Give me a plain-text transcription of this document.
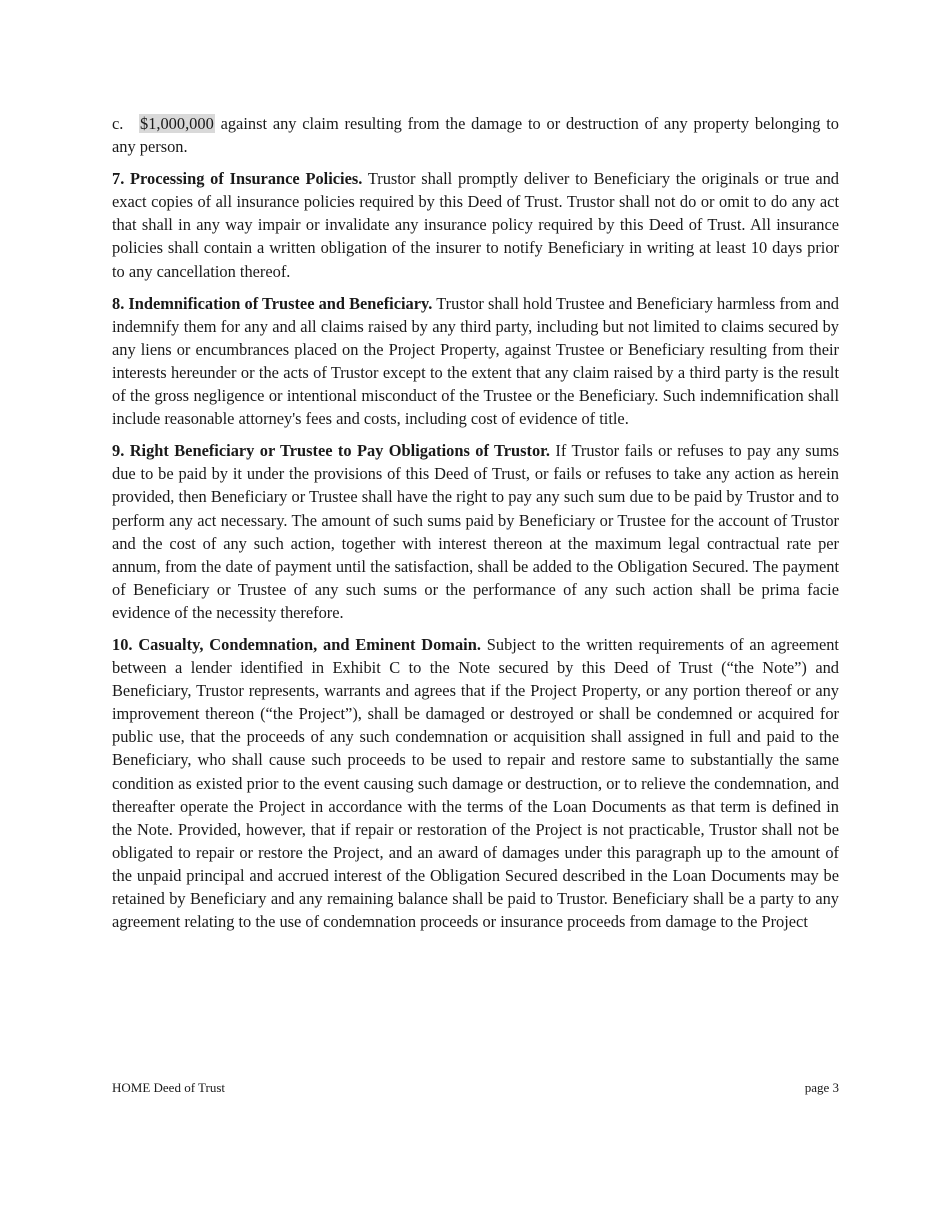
c. $1,000,000 against any claim resulting from the damage to or destruction of any property belonging to any person.

7. Processing of Insurance Policies. Trustor shall promptly deliver to Beneficiary the originals or true and exact copies of all insurance policies required by this Deed of Trust. Trustor shall not do or omit to do any act that shall in any way impair or invalidate any insurance policy required by this Deed of Trust. All insurance policies shall contain a written obligation of the insurer to notify Beneficiary in writing at least 10 days prior to any cancellation thereof.

8. Indemnification of Trustee and Beneficiary. Trustor shall hold Trustee and Beneficiary harmless from and indemnify them for any and all claims raised by any third party, including but not limited to claims secured by any liens or encumbrances placed on the Project Property, against Trustee or Beneficiary resulting from their interests hereunder or the acts of Trustor except to the extent that any claim raised by a third party is the result of the gross negligence or intentional misconduct of the Trustee or the Beneficiary. Such indemnification shall include reasonable attorney's fees and costs, including cost of evidence of title.

9. Right Beneficiary or Trustee to Pay Obligations of Trustor. If Trustor fails or refuses to pay any sums due to be paid by it under the provisions of this Deed of Trust, or fails or refuses to take any action as herein provided, then Beneficiary or Trustee shall have the right to pay any such sum due to be paid by Trustor and to perform any act necessary. The amount of such sums paid by Beneficiary or Trustee for the account of Trustor and the cost of any such action, together with interest thereon at the maximum legal contractual rate per annum, from the date of payment until the satisfaction, shall be added to the Obligation Secured. The payment of Beneficiary or Trustee of any such sums or the performance of any such action shall be prima facie evidence of the necessity therefore.

10. Casualty, Condemnation, and Eminent Domain. Subject to the written requirements of an agreement between a lender identified in Exhibit C to the Note secured by this Deed of Trust (“the Note”) and Beneficiary, Trustor represents, warrants and agrees that if the Project Property, or any portion thereof or any improvement thereon (“the Project”), shall be damaged or destroyed or shall be condemned or acquired for public use, that the proceeds of any such condemnation or acquisition shall assigned in full and paid to the Beneficiary, who shall cause such proceeds to be used to repair and restore same to substantially the same condition as existed prior to the event causing such damage or destruction, or to relieve the condemnation, and thereafter operate the Project in accordance with the terms of the Loan Documents as that term is defined in the Note. Provided, however, that if repair or restoration of the Project is not practicable, Trustor shall not be obligated to repair or restore the Project, and an award of damages under this paragraph up to the amount of the unpaid principal and accrued interest of the Obligation Secured described in the Loan Documents may be retained by Beneficiary and any remaining balance shall be paid to Trustor. Beneficiary shall be a party to any agreement relating to the use of condemnation proceeds or insurance proceeds from damage to the Project

HOME Deed of Trust	page 3
